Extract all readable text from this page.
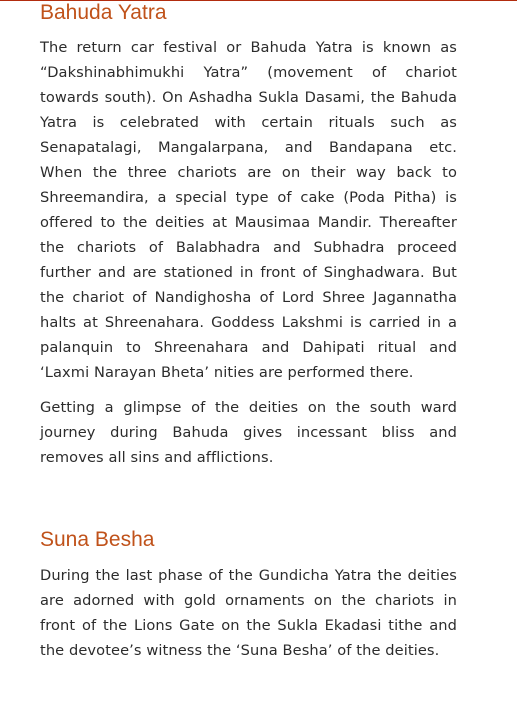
Bahuda Yatra

The return car festival or Bahuda Yatra is known as “Dakshinabhimukhi Yatra” (movement of chariot towards south). On Ashadha Sukla Dasami, the Bahuda Yatra is celebrated with certain rituals such as Senapatalagi, Mangalarpana, and Bandapana etc. When the three chariots are on their way back to Shreemandira, a special type of cake (Poda Pitha) is offered to the deities at Mausimaa Mandir. Thereafter the chariots of Balabhadra and Subhadra proceed further and are stationed in front of Singhadwara. But the chariot of Nandighosha of Lord Shree Jagannatha halts at Shreenahara. Goddess Lakshmi is carried in a palanquin to Shreenahara and Dahipati ritual and ‘Laxmi Narayan Bheta’ nities are performed there.

Getting a glimpse of the deities on the south ward journey during Bahuda gives incessant bliss and removes all sins and afflictions.

Suna Besha

During the last phase of the Gundicha Yatra the deities are adorned with gold ornaments on the chariots in front of the Lions Gate on the Sukla Ekadasi tithe and the devotee’s witness the ‘Suna Besha’ of the deities.
